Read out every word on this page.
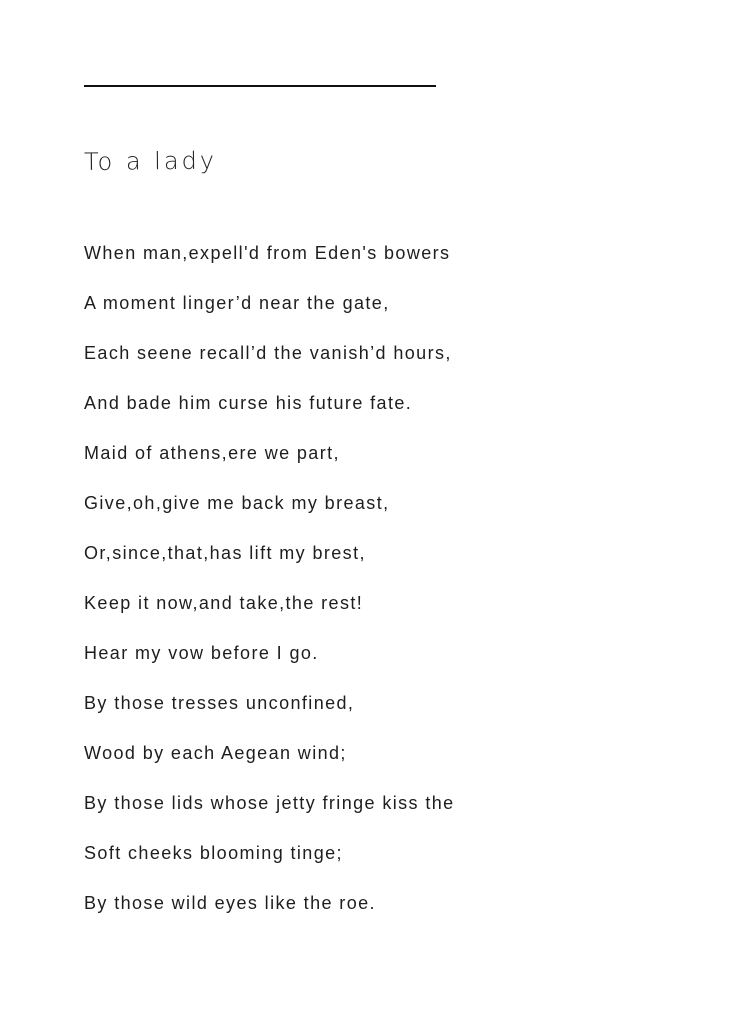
To a lady
When man,expell'd from Eden's bowers
A moment linger’d near the gate,
Each seene recall’d the vanish’d hours,
And bade him curse his future fate.
Maid of athens,ere we part,
Give,oh,give me back my breast,
Or,since,that,has lift my brest,
Keep it now,and take,the rest!
Hear my vow before I go.
By those tresses unconfined,
Wood by each Aegean wind;
By those lids whose jetty fringe kiss the
Soft cheeks blooming tinge;
By those wild eyes like the roe.
